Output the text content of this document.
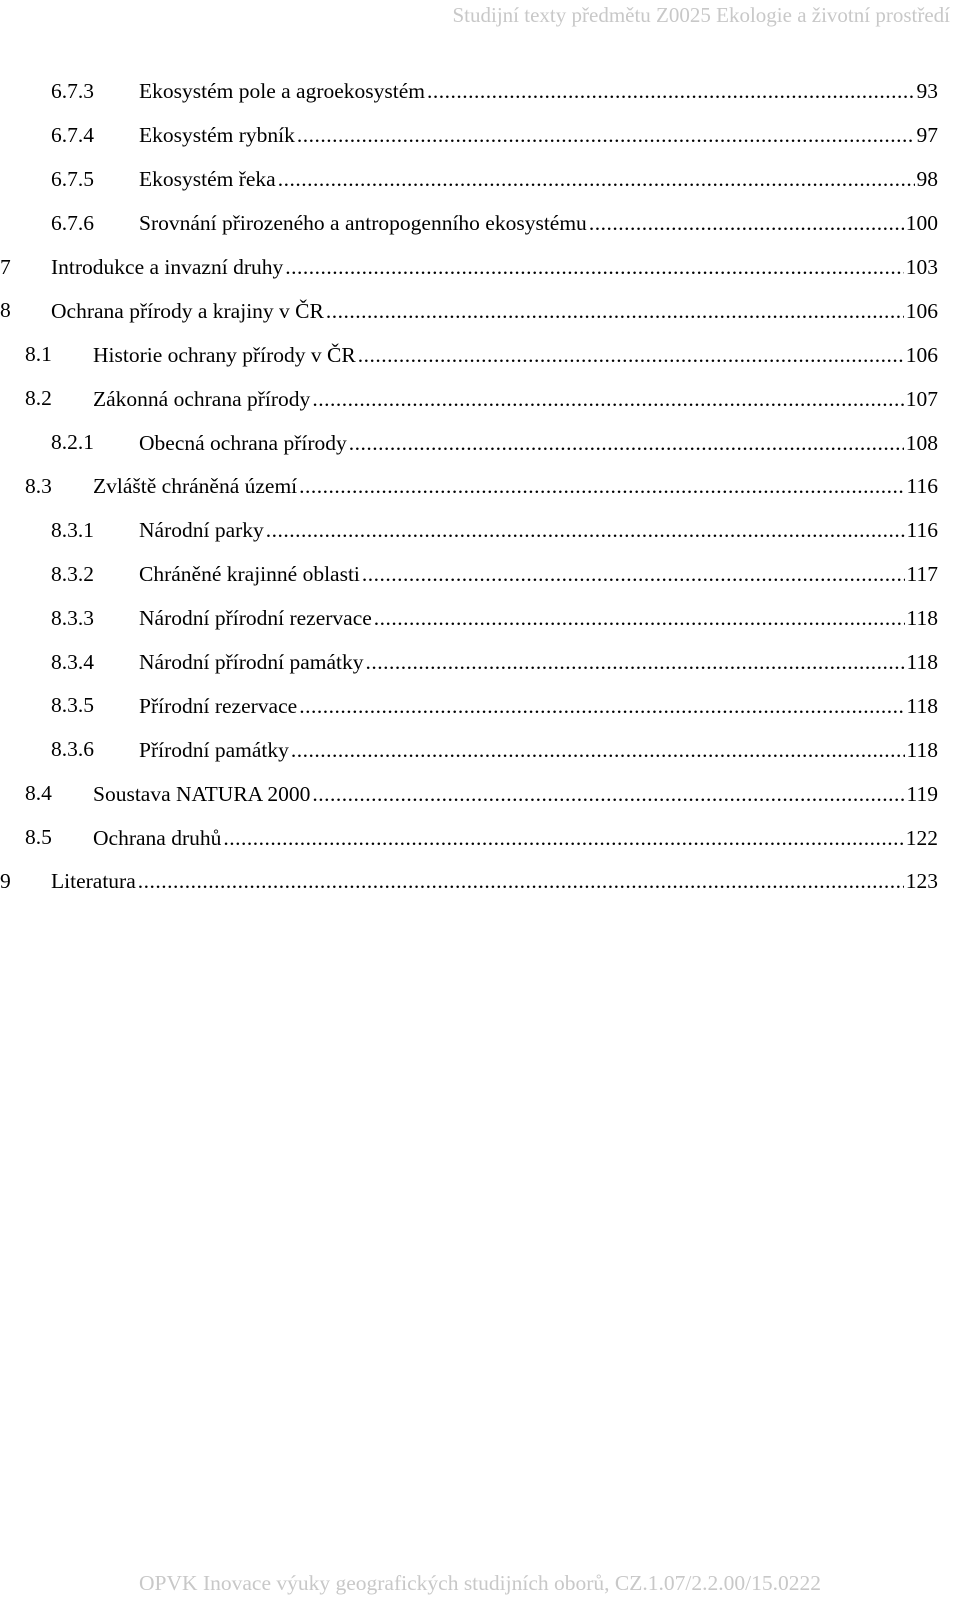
Studijní texty předmětu Z0025 Ekologie a životní prostředí
6.7.3 Ekosystém pole a agroekosystém .....	93
6.7.4 Ekosystém rybník .....	97
6.7.5 Ekosystém řeka .....	98
6.7.6 Srovnání přirozeného a antropogenního ekosystému .....	100
7 Introdukce a invazní druhy .....	103
8 Ochrana přírody a krajiny v ČR .....	106
8.1 Historie ochrany přírody v ČR .....	106
8.2 Zákonná ochrana přírody .....	107
8.2.1 Obecná ochrana přírody .....	108
8.3 Zvláště chráněná území .....	116
8.3.1 Národní parky .....	116
8.3.2 Chráněné krajinné oblasti .....	117
8.3.3 Národní přírodní rezervace .....	118
8.3.4 Národní přírodní památky .....	118
8.3.5 Přírodní rezervace .....	118
8.3.6 Přírodní památky .....	118
8.4 Soustava NATURA 2000 .....	119
8.5 Ochrana druhů .....	122
9 Literatura .....	123
OPVK Inovace výuky geografických studijních oborů, CZ.1.07/2.2.00/15.0222
